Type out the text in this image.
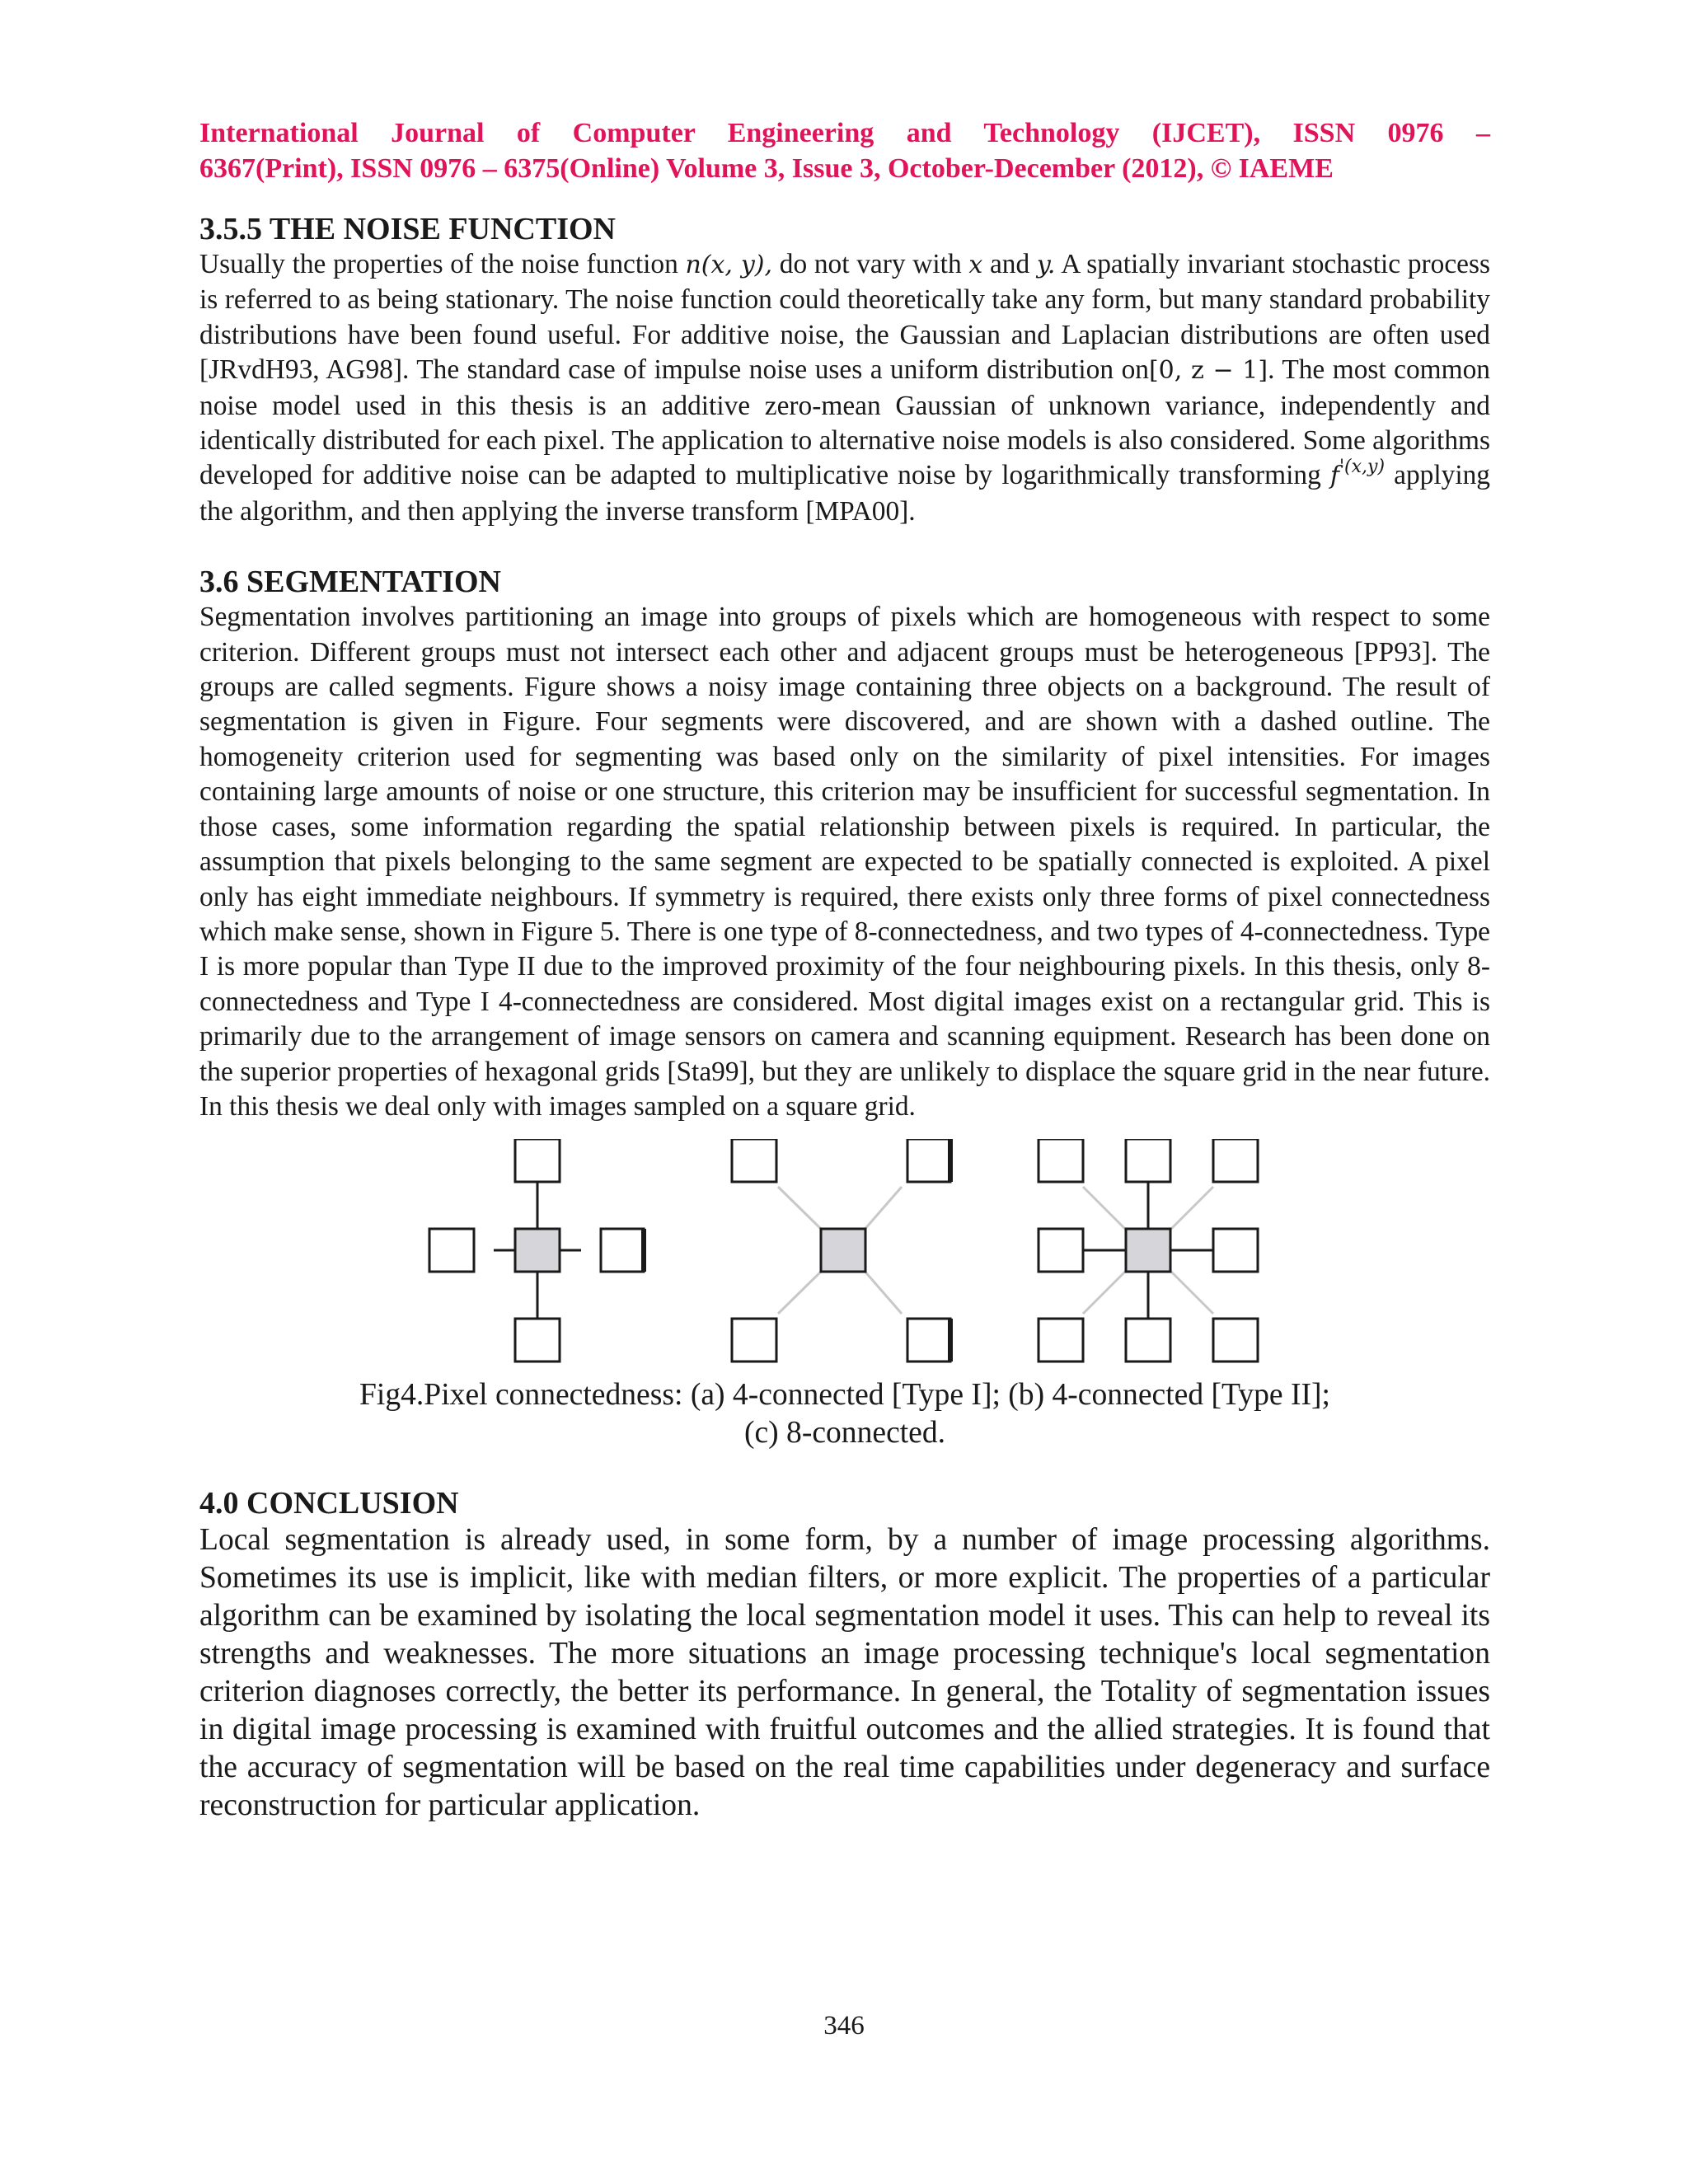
International Journal of Computer Engineering and Technology (IJCET), ISSN 0976 –
6367(Print), ISSN 0976 – 6375(Online) Volume 3, Issue 3, October-December (2012), © IAEME
3.5.5 THE NOISE FUNCTION

Usually the properties of the noise function n(x, y), do not vary with x and y. A spatially invariant stochastic process is referred to as being stationary. The noise function could theoretically take any form, but many standard probability distributions have been found useful. For additive noise, the Gaussian and Laplacian distributions are often used [JRvdH93, AG98]. The standard case of impulse noise uses a uniform distribution on[0, z − 1]. The most common noise model used in this thesis is an additive zero-mean Gaussian of unknown variance, independently and identically distributed for each pixel. The application to alternative noise models is also considered. Some algorithms developed for additive noise can be adapted to multiplicative noise by logarithmically transforming $f^{'(x,y)}$ applying the algorithm, and then applying the inverse transform [MPA00].

3.6 SEGMENTATION

Segmentation involves partitioning an image into groups of pixels which are homogeneous with respect to some criterion. Different groups must not intersect each other and adjacent groups must be heterogeneous [PP93]. The groups are called segments. Figure shows a noisy image containing three objects on a background. The result of segmentation is given in Figure. Four segments were discovered, and are shown with a dashed outline. The homogeneity criterion used for segmenting was based only on the similarity of pixel intensities. For images containing large amounts of noise or one structure, this criterion may be insufficient for successful segmentation. In those cases, some information regarding the spatial relationship between pixels is required. In particular, the assumption that pixels belonging to the same segment are expected to be spatially connected is exploited. A pixel only has eight immediate neighbours. If symmetry is required, there exists only three forms of pixel connectedness which make sense, shown in Figure 5. There is one type of 8-connectedness, and two types of 4-connectedness. Type I is more popular than Type II due to the improved proximity of the four neighbouring pixels. In this thesis, only 8-connectedness and Type I 4-connectedness are considered. Most digital images exist on a rectangular grid. This is primarily due to the arrangement of image sensors on camera and scanning equipment. Research has been done on the superior properties of hexagonal grids [Sta99], but they are unlikely to displace the square grid in the near future. In this thesis we deal only with images sampled on a square grid.

Fig4.Pixel connectedness: (a) 4-connected [Type I]; (b) 4-connected [Type II];
(c) 8-connected.
4.0 CONCLUSION

Local segmentation is already used, in some form, by a number of image processing algorithms. Sometimes its use is implicit, like with median filters, or more explicit. The properties of a particular algorithm can be examined by isolating the local segmentation model it uses. This can help to reveal its strengths and weaknesses. The more situations an image processing technique's local segmentation criterion diagnoses correctly, the better its performance. In general, the Totality of segmentation issues in digital image processing is examined with fruitful outcomes and the allied strategies. It is found that the accuracy of segmentation will be based on the real time capabilities under degeneracy and surface reconstruction for particular application.

346
